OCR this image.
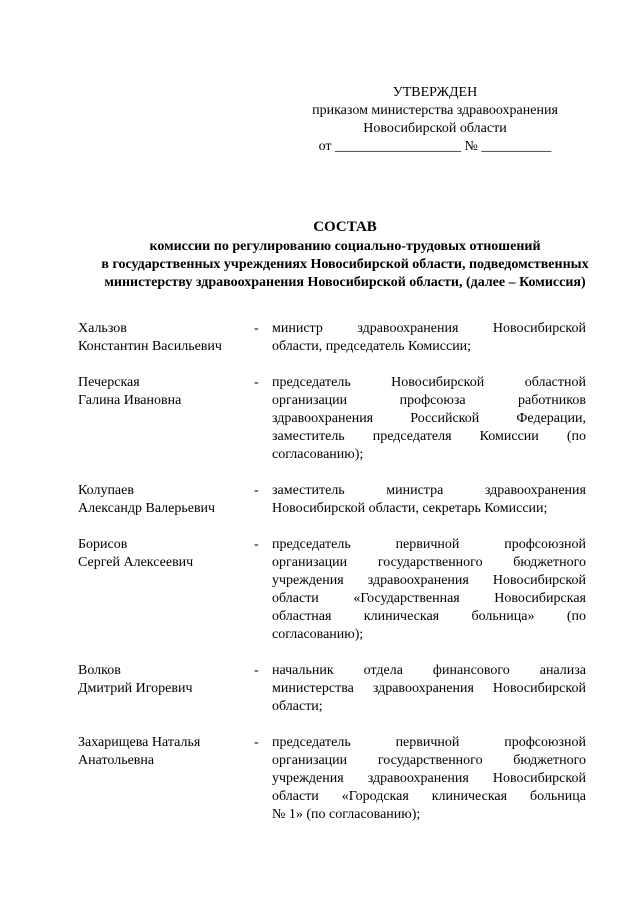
УТВЕРЖДЕН
приказом министерства здравоохранения
Новосибирской области
от __________________ № __________
СОСТАВ
комиссии по регулированию социально-трудовых отношений
в государственных учреждениях Новосибирской области, подведомственных
министерству здравоохранения Новосибирской области, (далее – Комиссия)
Хальзов
Константин Васильевич
- министр здравоохранения Новосибирской
области, председатель Комиссии;
Печерская
Галина Ивановна
- председатель	Новосибирской	областной
организации	профсоюза	работников
здравоохранения	Российской	Федерации,
заместитель председателя Комиссии (по
согласованию);
Колупаев
Александр Валерьевич
- заместитель	министра	здравоохранения
Новосибирской области, секретарь Комиссии;
Борисов
Сергей Алексеевич
- председатель	первичной	профсоюзной
организации государственного бюджетного
учреждения здравоохранения Новосибирской
области «Государственная Новосибирская
областная клиническая больница» (по
согласованию);
Волков
Дмитрий Игоревич
- начальник отдела финансового анализа
министерства здравоохранения Новосибирской
области;
Захарищева Наталья
Анатольевна
- председатель	первичной	профсоюзной
организации государственного бюджетного
учреждения здравоохранения Новосибирской
области «Городская клиническая больница
№ 1» (по согласованию);
